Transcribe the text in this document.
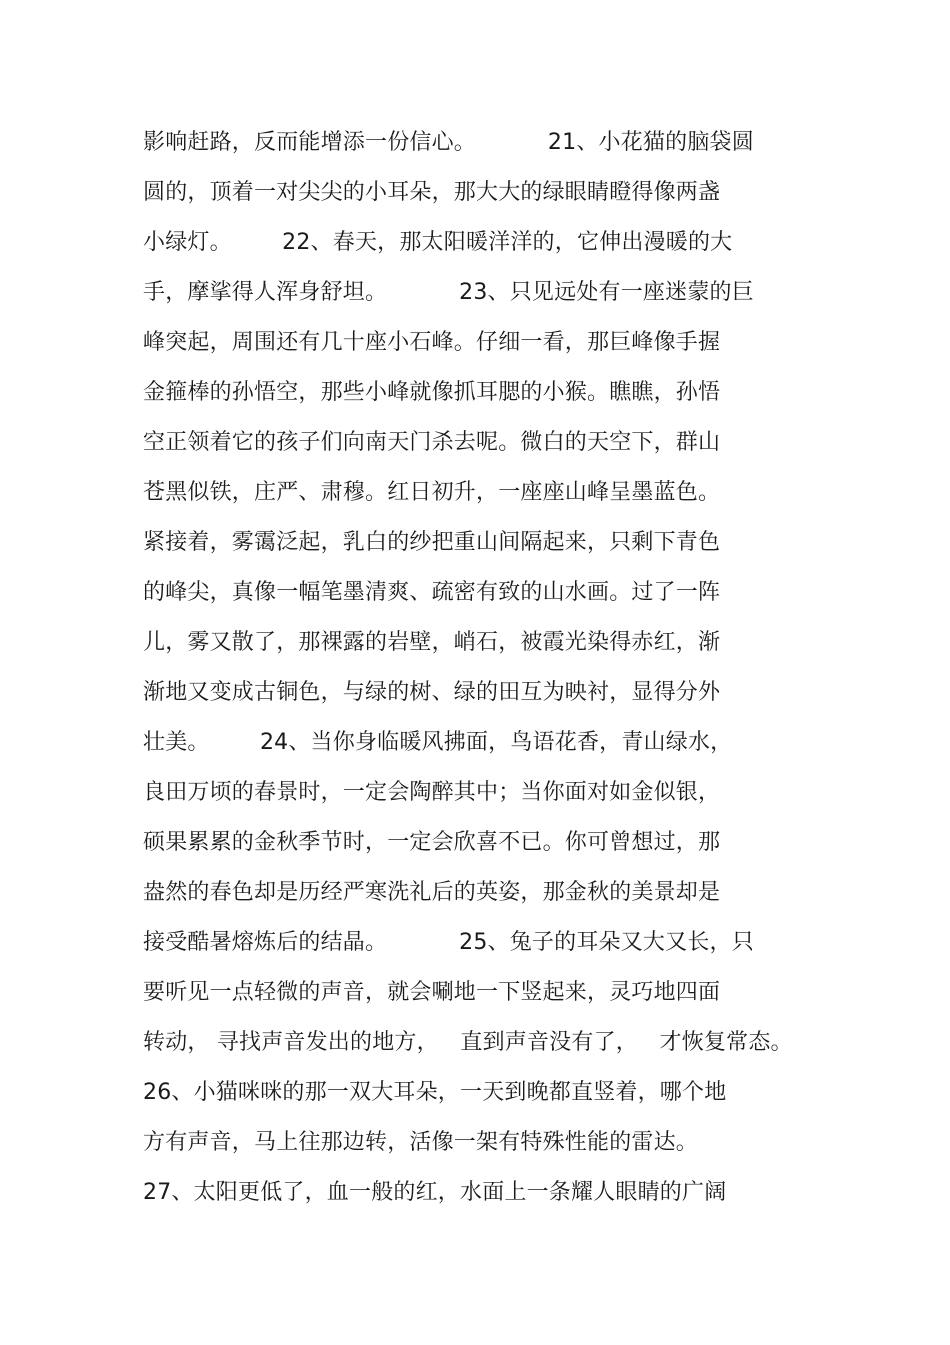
影响赶路，反而能增添一份信心。          21、小花猫的脑袋圆
圆的，顶着一对尖尖的小耳朵，那大大的绿眼睛瞪得像两盏
小绿灯。       22、春天，那太阳暖洋洋的，它伸出漫暖的大
手，摩挲得人浑身舒坦。          23、只见远处有一座迷蒙的巨
峰突起，周围还有几十座小石峰。仔细一看，那巨峰像手握
金箍棒的孙悟空，那些小峰就像抓耳腮的小猴。瞧瞧，孙悟
空正领着它的孩子们向南天门杀去呢。微白的天空下，群山
苍黑似铁，庄严、肃穆。红日初升，一座座山峰呈墨蓝色。
紧接着，雾霭泛起，乳白的纱把重山间隔起来，只剩下青色
的峰尖，真像一幅笔墨清爽、疏密有致的山水画。过了一阵
儿，雾又散了，那裸露的岩壁，峭石，被霞光染得赤红，渐
渐地又变成古铜色，与绿的树、绿的田互为映衬，显得分外
壮美。       24、当你身临暖风拂面，鸟语花香，青山绿水，
良田万顷的春景时，一定会陶醉其中；当你面对如金似银，
硕果累累的金秋季节时，一定会欣喜不已。你可曾想过，那
盎然的春色却是历经严寒洗礼后的英姿，那金秋的美景却是
接受酷暑熔炼后的结晶。          25、兔子的耳朵又大又长，只
要听见一点轻微的声音，就会唰地一下竖起来，灵巧地四面
转动， 寻找声音发出的地方，   直到声音没有了，   才恢复常态。
26、小猫咪咪的那一双大耳朵，一天到晚都直竖着，哪个地
方有声音，马上往那边转，活像一架有特殊性能的雷达。
27、太阳更低了，血一般的红，水面上一条耀人眼睛的广阔
